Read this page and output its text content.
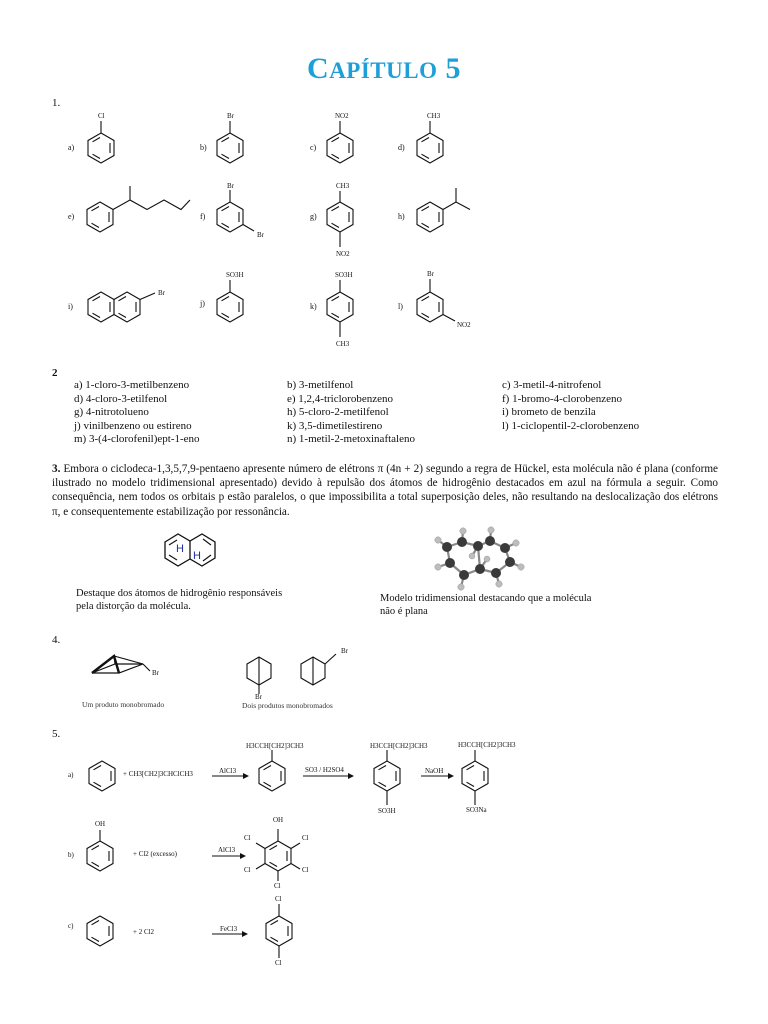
CAPÍTULO 5
1.
a)	b)	c)	d)
Cl	Br	NO2	CH3
e)	f)	g)	h)
Br
Br
CH3
NO2
i)	j)	k)	l)
Br
SO3H	SO3H
CH3
Br
NO2
2
a) 1-cloro-3-metilbenzeno
d) 4-cloro-3-etilfenol
g) 4-nitrotolueno
j) vinilbenzeno ou estireno
m) 3-(4-clorofenil)ept-1-eno
b) 3-metilfenol
e) 1,2,4-triclorobenzeno
h) 5-cloro-2-metilfenol
k) 3,5-dimetilestireno
n) 1-metil-2-metoxinaftaleno
c) 3-metil-4-nitrofenol
f) 1-bromo-4-clorobenzeno
i) brometo de benzila
l) 1-ciclopentil-2-clorobenzeno
3. Embora o ciclodeca-1,3,5,7,9-pentaeno apresente número de elétrons π (4n + 2) segundo a regra de Hückel, esta molécula não é plana (conforme ilustrado no modelo tridimensional apresentado) devido à repulsão dos átomos de hidrogênio destacados em azul na fórmula a seguir. Como consequência, nem todos os orbitais p estão paralelos, o que impossibilita a total superposição deles, não resultando na deslocalização dos elétrons π, e consequentemente estabilização por ressonância.
H
H
Destaque dos átomos de hidrogênio responsáveis pela distorção da molécula.
Modelo tridimensional destacando que a molécula não é plana
4.
Br
Br
Br
Um produto monobromado	Dois produtos monobromados
5.
a)	+ CH3[CH2]3CHClCH3	AlCl3
H3CCH[CH2]3CH3
SO3 / H2SO4
H3CCH[CH2]3CH3
SO3H
NaOH
H3CCH[CH2]3CH3
SO3Na
b)
OH
+ Cl2 (excesso)	AlCl3
OH
Cl
Cl
Cl
Cl
Cl
c)
+ 2 Cl2	FeCl3
Cl
Cl
